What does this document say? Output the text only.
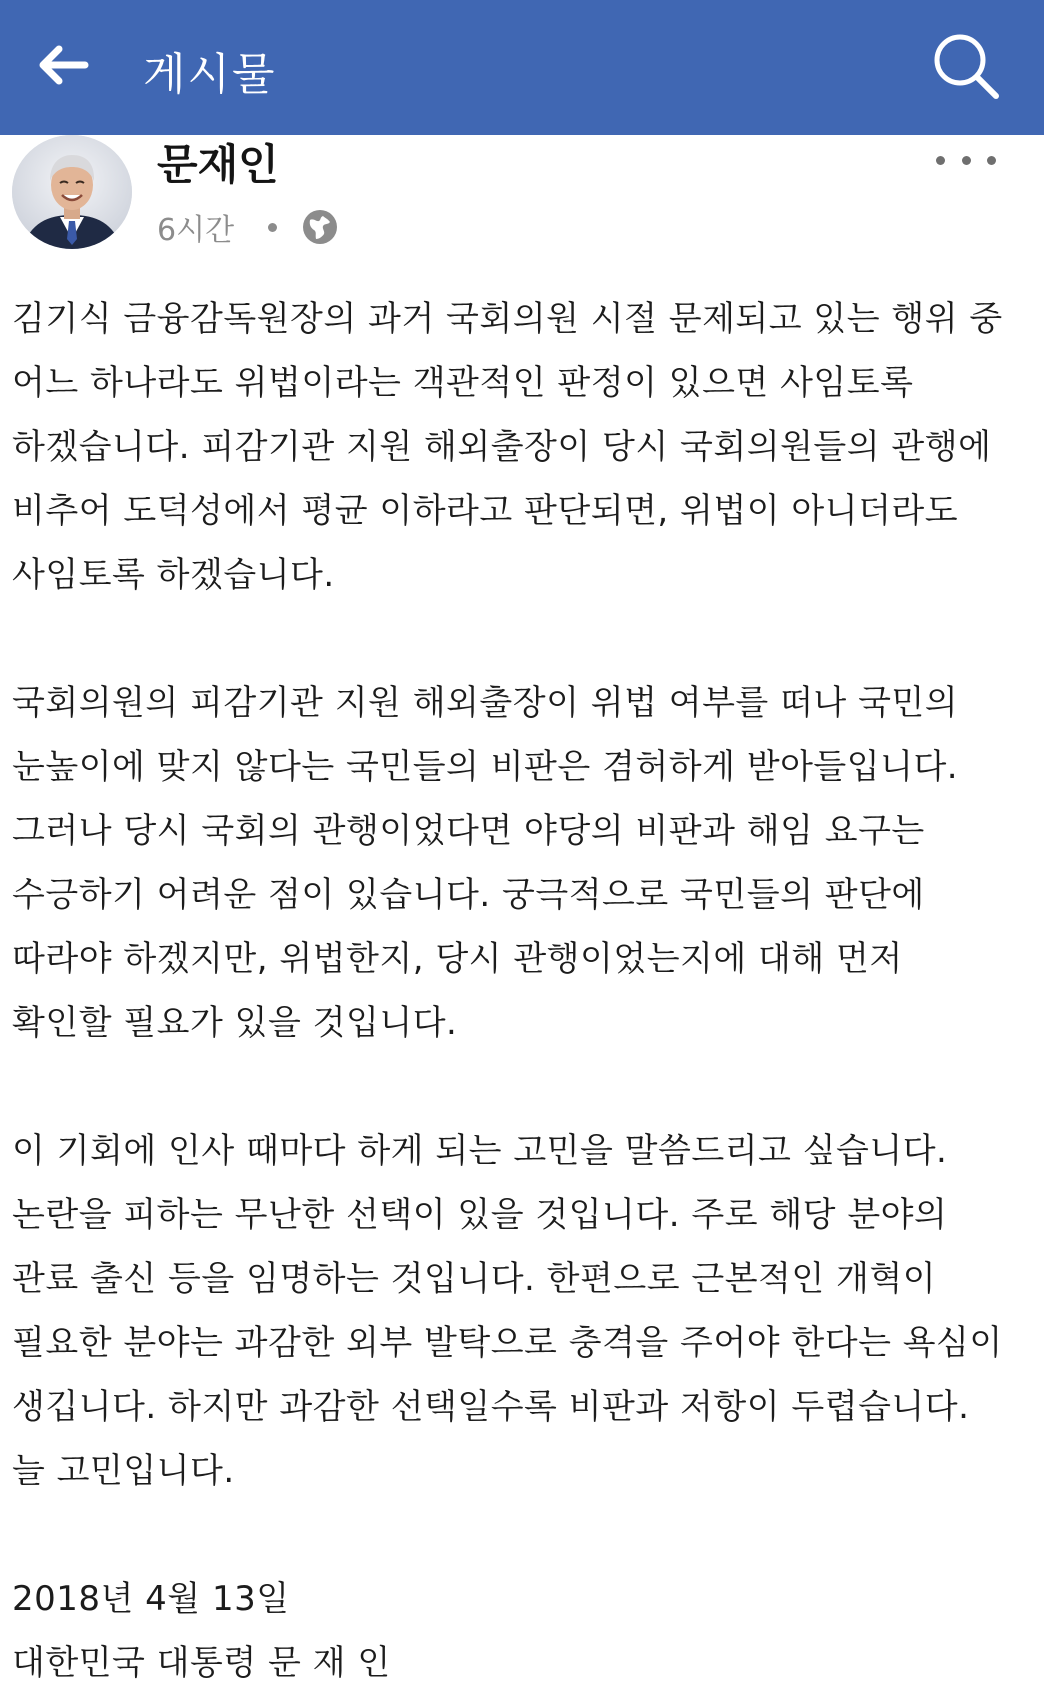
게시물
문재인
6시간
김기식 금융감독원장의 과거 국회의원 시절 문제되고 있는 행위 중
어느 하나라도 위법이라는 객관적인 판정이 있으면 사임토록
하겠습니다. 피감기관 지원 해외출장이 당시 국회의원들의 관행에
비추어 도덕성에서 평균 이하라고 판단되면, 위법이 아니더라도
사임토록 하겠습니다.
국회의원의 피감기관 지원 해외출장이 위법 여부를 떠나 국민의
눈높이에 맞지 않다는 국민들의 비판은 겸허하게 받아들입니다.
그러나 당시 국회의 관행이었다면 야당의 비판과 해임 요구는
수긍하기 어려운 점이 있습니다. 궁극적으로 국민들의 판단에
따라야 하겠지만, 위법한지, 당시 관행이었는지에 대해 먼저
확인할 필요가 있을 것입니다.
이 기회에 인사 때마다 하게 되는 고민을 말씀드리고 싶습니다.
논란을 피하는 무난한 선택이 있을 것입니다. 주로 해당 분야의
관료 출신 등을 임명하는 것입니다. 한편으로 근본적인 개혁이
필요한 분야는 과감한 외부 발탁으로 충격을 주어야 한다는 욕심이
생깁니다. 하지만 과감한 선택일수록 비판과 저항이 두렵습니다.
늘 고민입니다.
2018년 4월 13일
대한민국 대통령 문 재 인
